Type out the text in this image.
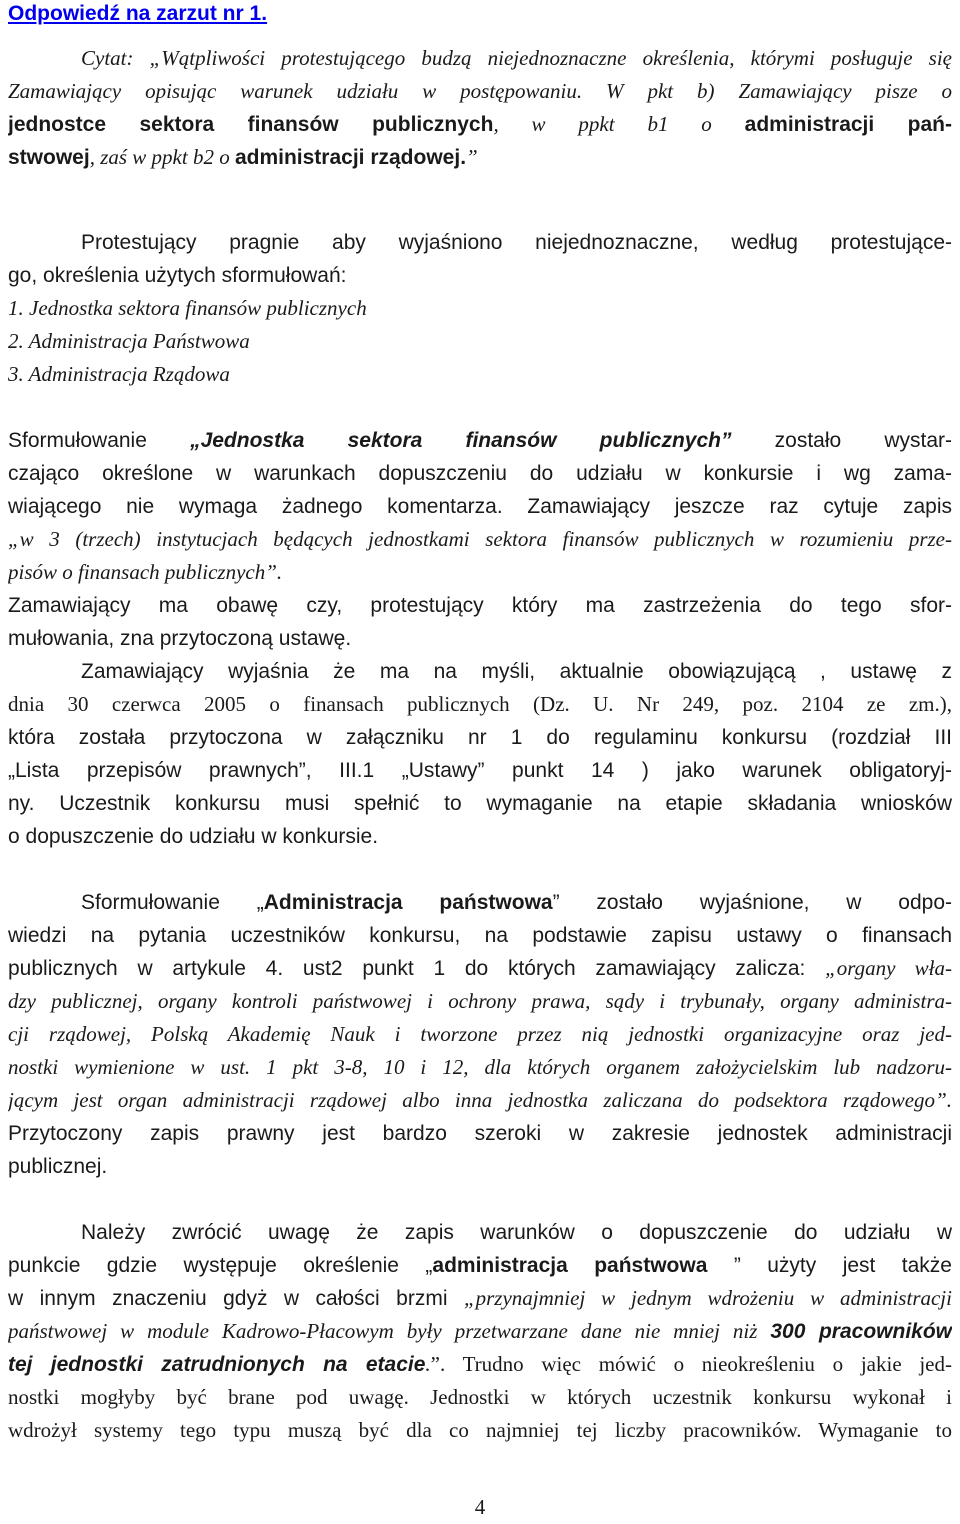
Odpowiedź na zarzut nr 1.

Cytat: „Wątpliwości protestującego budzą niejednoznaczne określenia, którymi posługuje się

Zamawiający opisując warunek udziału w postępowaniu. W pkt b) Zamawiający pisze o

jednostce sektora finansów publicznych, w ppkt b1 o administracji pań-

stwowej, zaś w ppkt b2 o administracji rządowej.”

Protestujący pragnie aby wyjaśniono niejednoznaczne, według protestujące-

go, określenia użytych sformułowań:

1. Jednostka sektora finansów publicznych

2. Administracja Państwowa

3. Administracja Rządowa

Sformułowanie „Jednostka sektora finansów publicznych” zostało wystar-

czająco określone w warunkach dopuszczeniu do udziału w konkursie i wg zama-

wiającego nie wymaga żadnego komentarza. Zamawiający jeszcze raz cytuje zapis

„w 3 (trzech) instytucjach będących jednostkami sektora finansów publicznych w rozumieniu prze-

pisów o finansach publicznych”.

Zamawiający ma obawę czy, protestujący który ma zastrzeżenia do tego sfor-

mułowania, zna przytoczoną ustawę.

Zamawiający wyjaśnia że ma na myśli, aktualnie obowiązującą , ustawę z

dnia 30 czerwca 2005 o finansach publicznych (Dz. U. Nr 249, poz. 2104 ze zm.),

która została przytoczona w załączniku nr 1 do regulaminu konkursu (rozdział III

„Lista przepisów prawnych”, III.1 „Ustawy” punkt 14 ) jako warunek obligatoryj-

ny. Uczestnik konkursu musi spełnić to wymaganie na etapie składania wniosków

o dopuszczenie do udziału w konkursie.

Sformułowanie „Administracja państwowa” zostało wyjaśnione, w odpo-

wiedzi na pytania uczestników konkursu, na podstawie zapisu ustawy o finansach

publicznych w artykule 4. ust2 punkt 1 do których zamawiający zalicza: „organy wła-

dzy publicznej, organy kontroli państwowej i ochrony prawa, sądy i trybunały, organy administra-

cji rządowej, Polską Akademię Nauk i tworzone przez nią jednostki organizacyjne oraz jed-

nostki wymienione w ust. 1 pkt 3-8, 10 i 12, dla których organem założycielskim lub nadzoru-

jącym jest organ administracji rządowej albo inna jednostka zaliczana do podsektora rządowego”.

Przytoczony zapis prawny jest bardzo szeroki w zakresie jednostek administracji

publicznej.

Należy zwrócić uwagę że zapis warunków o dopuszczenie do udziału w

punkcie gdzie występuje określenie „administracja państwowa ” użyty jest także

w innym znaczeniu gdyż w całości brzmi „przynajmniej w jednym wdrożeniu w administracji

państwowej w module Kadrowo-Płacowym były przetwarzane dane nie mniej niż 300 pracowników

tej jednostki zatrudnionych na etacie.”. Trudno więc mówić o nieokreśleniu o jakie jed-

nostki mogłyby być brane pod uwagę. Jednostki w których uczestnik konkursu wykonał i

wdrożył systemy tego typu muszą być dla co najmniej tej liczby pracowników. Wymaganie to

4
